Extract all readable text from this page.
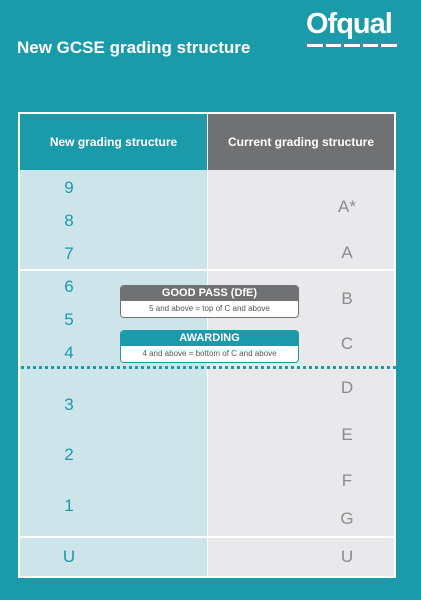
Ofqual
New GCSE grading structure
New grading structure	Current grading structure
9
8
7
6
5
4
3
2
1
U
A*
A
B
C
D
E
F
G
U
GOOD PASS (DfE)
5 and above = top of C and above
AWARDING
4 and above = bottom of C and above
